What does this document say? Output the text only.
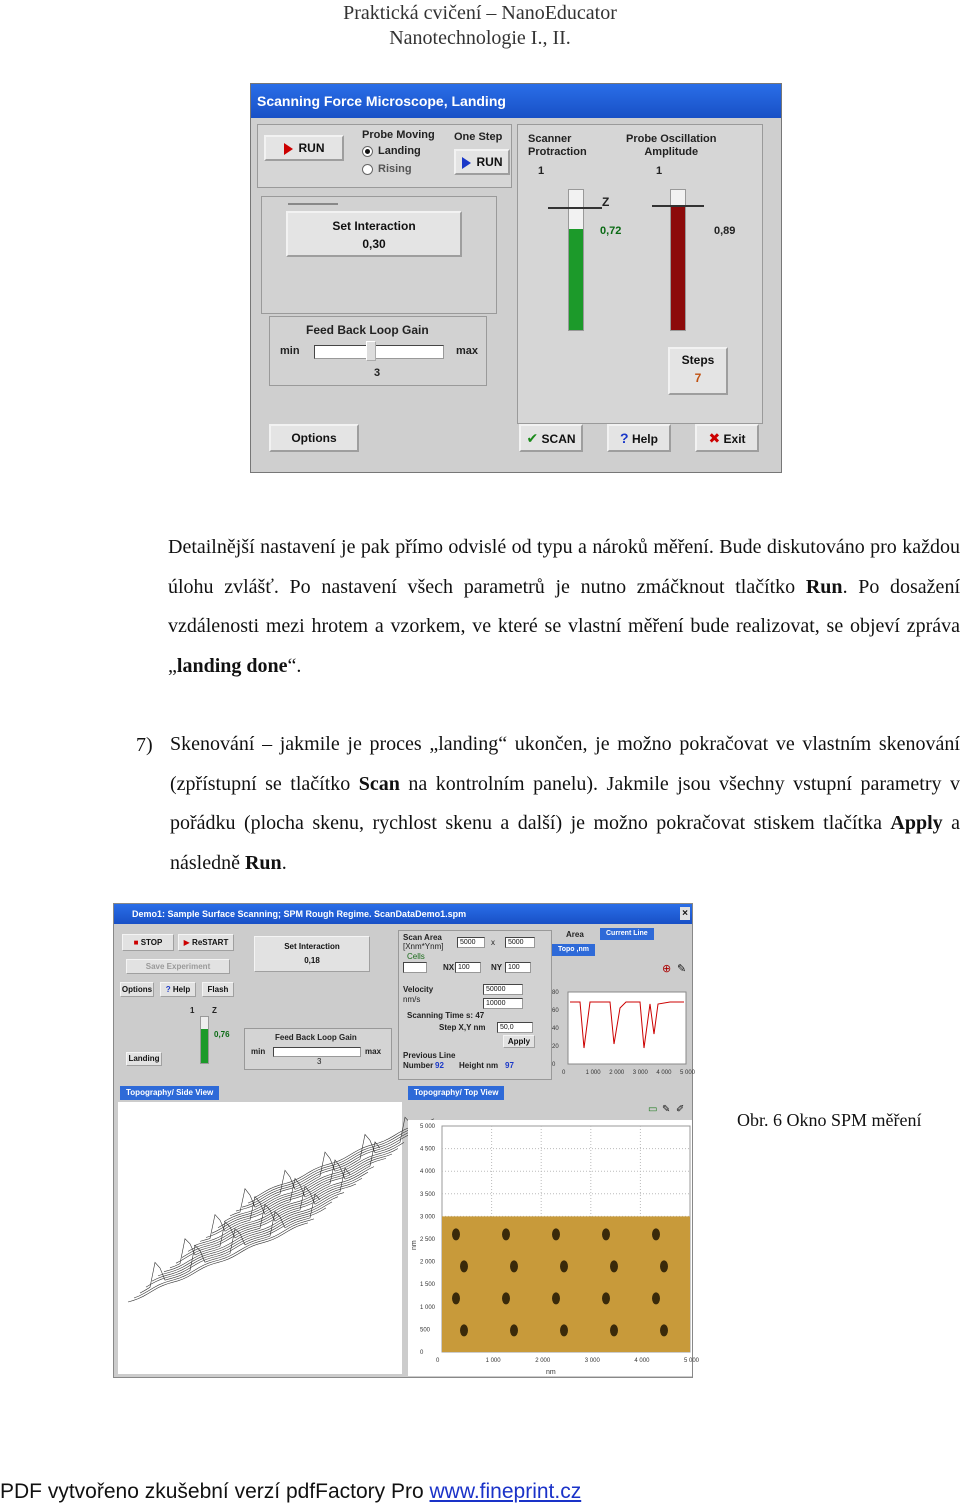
Praktická cvičení – NanoEducator
Nanotechnologie I., II.
Scanning Force Microscope, Landing
RUN
Probe Moving
Landing
Rising
One Step
RUN
Scanner
Protraction
1
Probe Oscillation
Amplitude
1
Z
0,72	0,89
Steps
7
Set Interaction
0,30
Feed Back Loop Gain
min	max
3
Options	✔ SCAN	? Help	✖ Exit
Detailnější nastavení je pak přímo odvislé od typu a nároků měření. Bude diskutováno pro každou úlohu zvlášť. Po nastavení všech parametrů je nutno zmáčknout tlačítko Run. Po dosažení vzdálenosti mezi hrotem a vzorkem, ve které se vlastní měření bude realizovat, se objeví zpráva „landing done“.
7) Skenování – jakmile je proces „landing“ ukončen, je možno pokračovat ve vlastním skenování (zpřístupní se tlačítko Scan na kontrolním panelu). Jakmile jsou všechny vstupní parametry v pořádku (plocha skenu, rychlost skenu a další) je možno pokračovat stiskem tlačítka Apply a následně Run.
Demo1: Sample Surface Scanning; SPM Rough Regime. ScanDataDemo1.spm	×
■ STOP	▶ ReSTART
Save Experiment
Options	? Help	Flash
1 Z
0,76
Landing
Set Interaction
0,18
Feed Back Loop Gain
min	max
3
Scan Area
[Xnm*Ynm]	5000	x	5000
Cells
NX 100	NY 100
Velocity
nm/s
50000
10000
Scanning Time s: 47
Step X,Y nm	50,0
Apply
Previous Line
Number 92 Height nm 97
Area	Current Line
Topo ,nm
⊕ ✎
80
60
40
20
0
0	1 000 2 000 3 000 4 000 5 000
Topography/ Side View	Topography/ Top View
▭ ✎ ✐
5 000
4 500
4 000
3 500
3 000
2 500
2 000
1 500
1 000
500
0
0	1 000	2 000	3 000	4 000	5 000
nm
nm
Obr. 6 Okno SPM měření
PDF vytvořeno zkušební verzí pdfFactory Pro www.fineprint.cz
